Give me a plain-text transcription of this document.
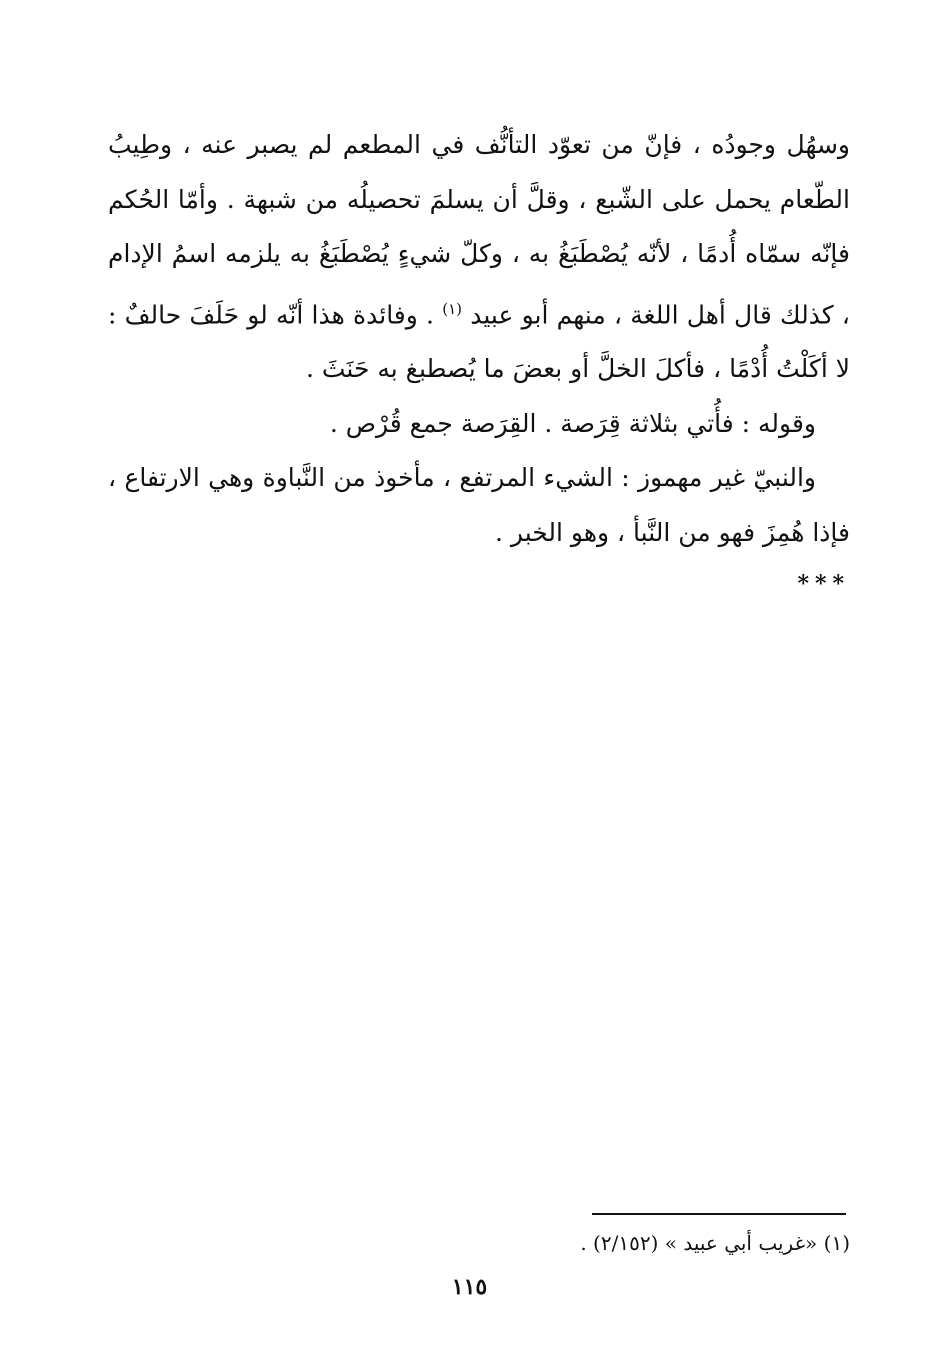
وسهُل وجودُه ، فإنّ من تعوّد التأنُّف في المطعم لم يصبر عنه ، وطِيبُ الطّعام يحمل على الشّبع ، وقلَّ أن يسلمَ تحصيلُه من شبهة . وأمّا الحُكم فإنّه سمّاه أُدمًا ، لأنّه يُصْطَبَغُ به ، وكلّ شيءٍ يُصْطَبَغُ به يلزمه اسمُ الإدام ، كذلك قال أهل اللغة ، منهم أبو عبيد $^{(١)}$ . وفائدة هذا أنّه لو حَلَفَ حالفٌ : لا أكَلْتُ أُدْمًا ، فأكلَ الخلَّ أو بعضَ ما يُصطبغ به حَنَثَ .

وقوله : فأُتي بثلاثة قِرَصة . القِرَصة جمع قُرْص .

والنبيّ غير مهموز : الشيء المرتفع ، مأخوذ من النَّباوة وهي الارتفاع ، فإذا هُمِزَ فهو من النَّبأ ، وهو الخبر .

***
(١) «غريب أبي عبيد » (٢/١٥٢) .
١١٥
